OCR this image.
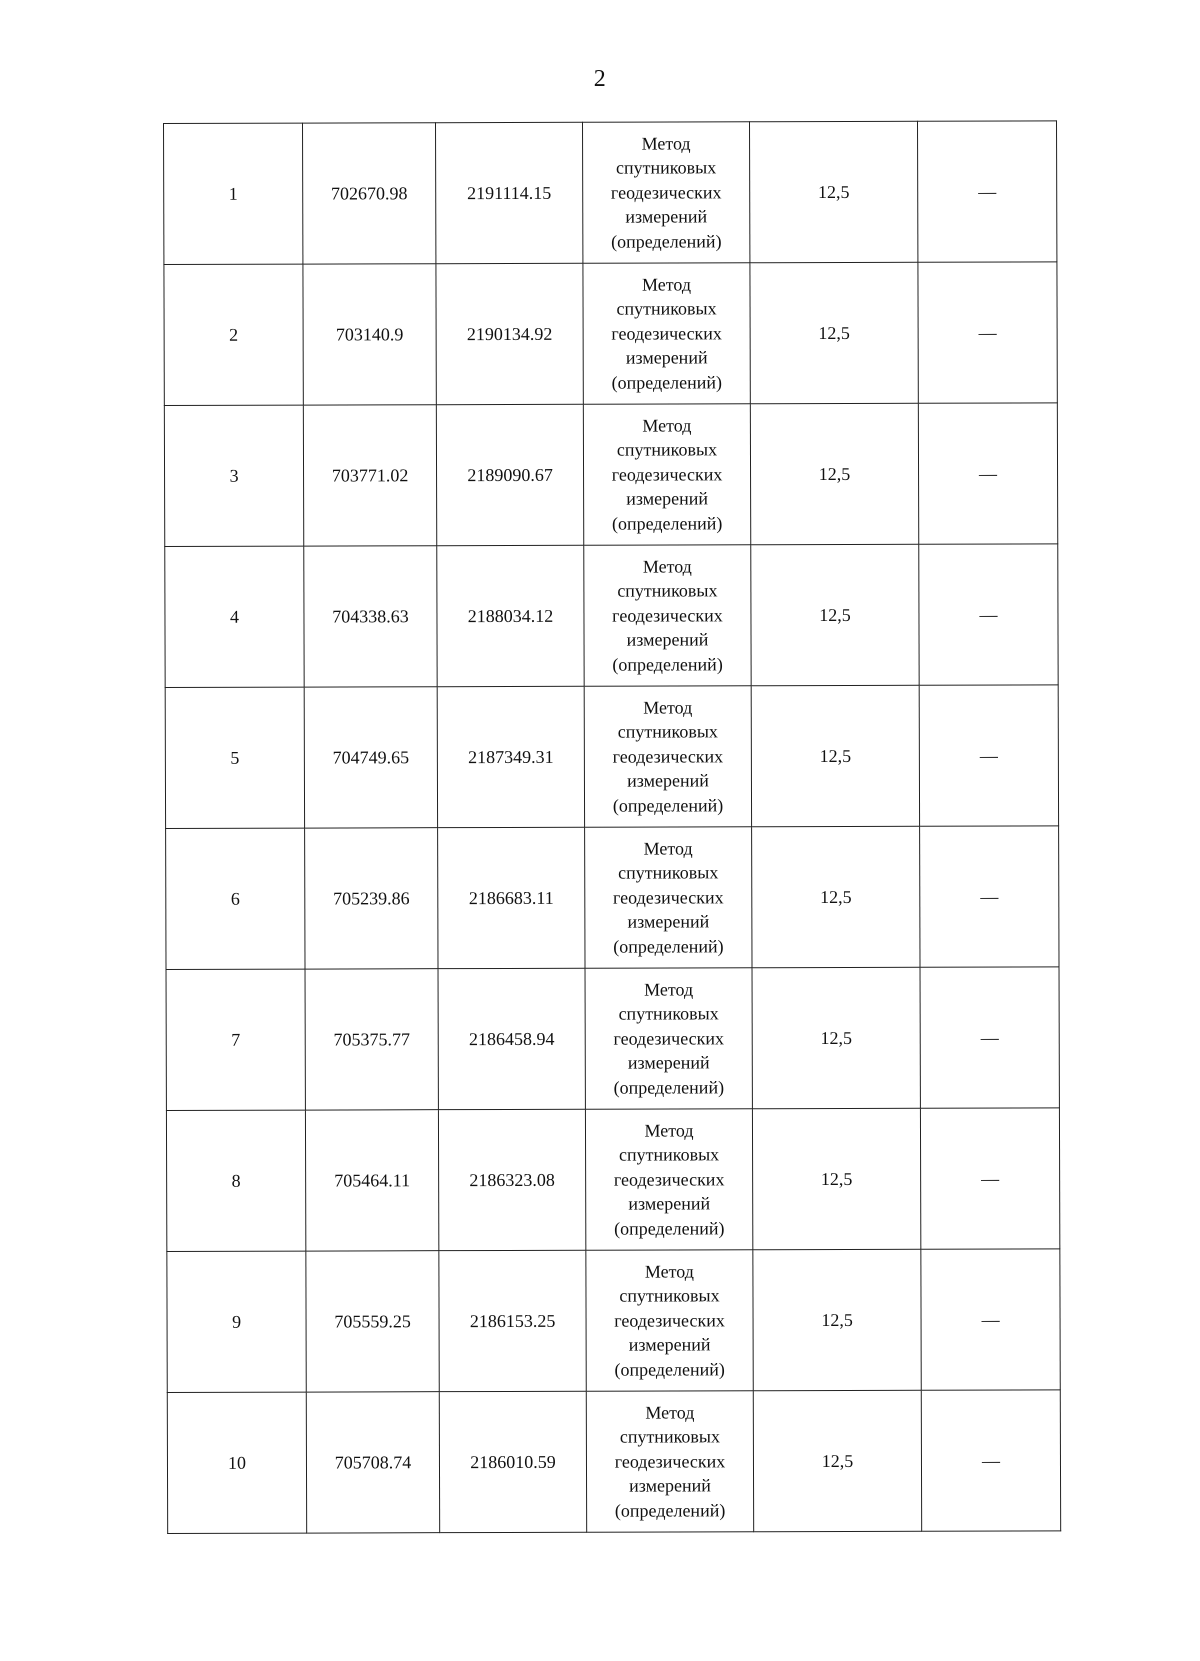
2
1	702670.98	2191114.15	Метод
спутниковых
геодезических
измерений
(определений)	12,5	—
2	703140.9	2190134.92	Метод
спутниковых
геодезических
измерений
(определений)	12,5	—
3	703771.02	2189090.67	Метод
спутниковых
геодезических
измерений
(определений)	12,5	—
4	704338.63	2188034.12	Метод
спутниковых
геодезических
измерений
(определений)	12,5	—
5	704749.65	2187349.31	Метод
спутниковых
геодезических
измерений
(определений)	12,5	—
6	705239.86	2186683.11	Метод
спутниковых
геодезических
измерений
(определений)	12,5	—
7	705375.77	2186458.94	Метод
спутниковых
геодезических
измерений
(определений)	12,5	—
8	705464.11	2186323.08	Метод
спутниковых
геодезических
измерений
(определений)	12,5	—
9	705559.25	2186153.25	Метод
спутниковых
геодезических
измерений
(определений)	12,5	—
10	705708.74	2186010.59	Метод
спутниковых
геодезических
измерений
(определений)	12,5	—
